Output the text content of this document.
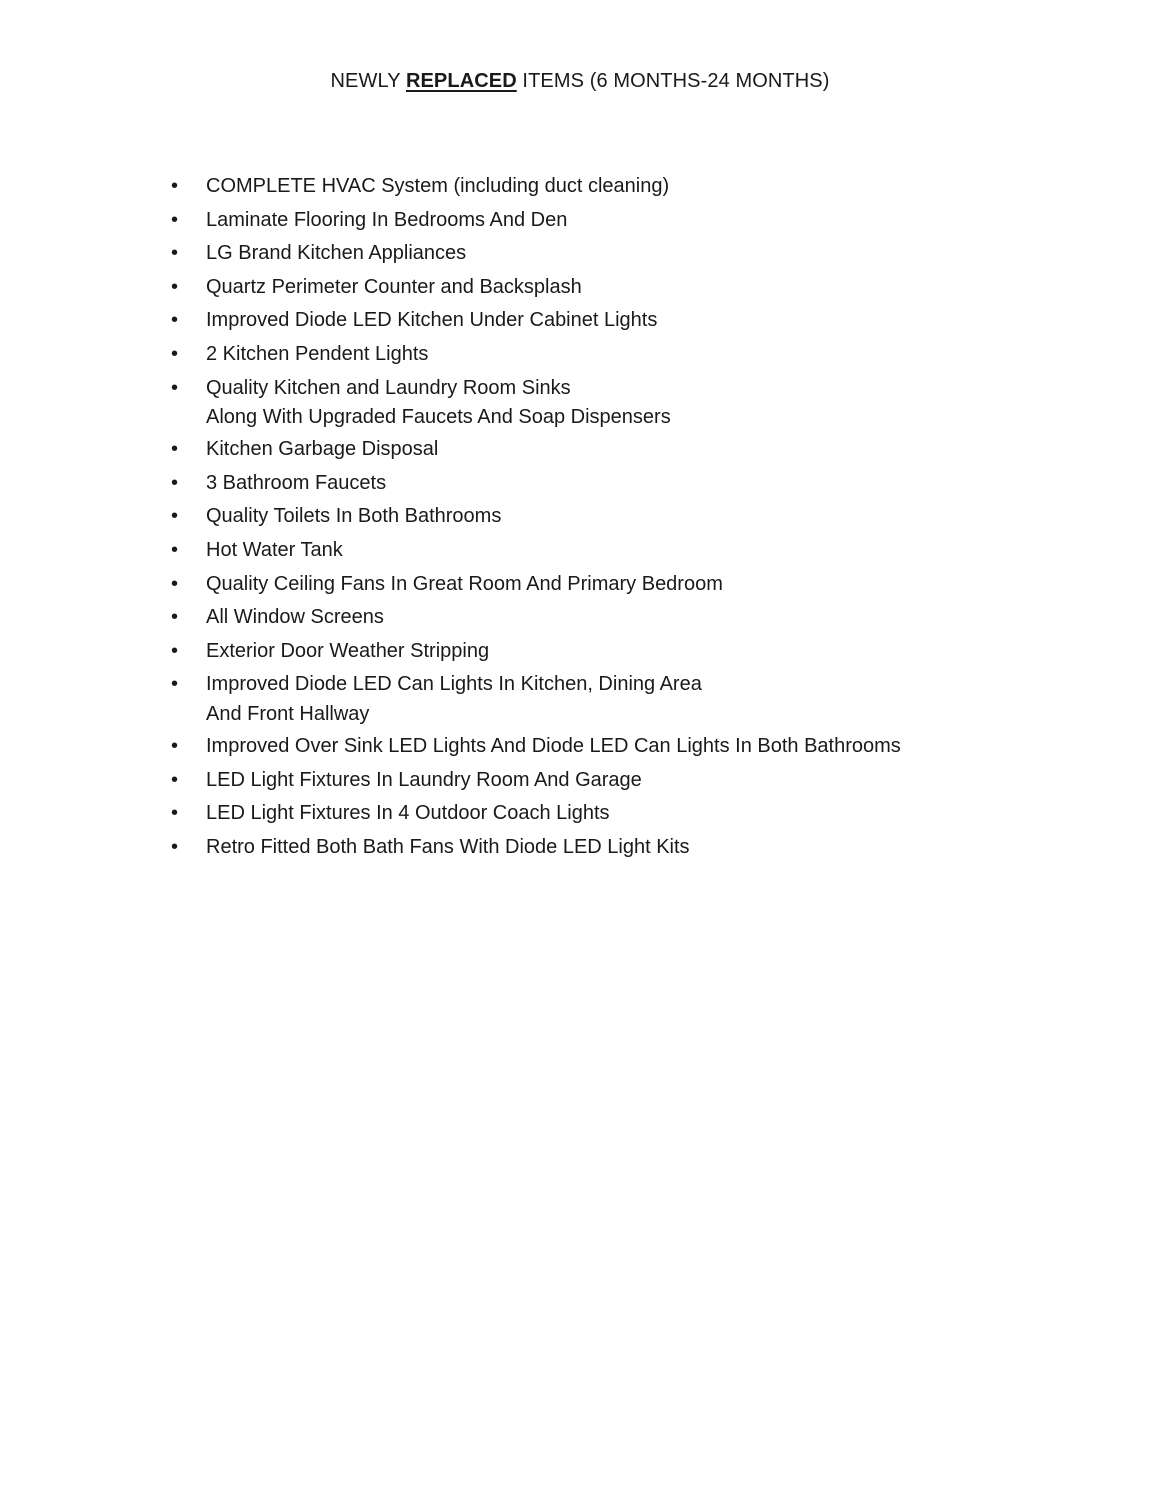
NEWLY REPLACED ITEMS (6 MONTHS-24 MONTHS)
• COMPLETE HVAC System (including duct cleaning)
• Laminate Flooring In Bedrooms And Den
• LG Brand Kitchen Appliances
• Quartz Perimeter Counter and Backsplash
• Improved Diode LED Kitchen Under Cabinet Lights
• 2 Kitchen Pendent Lights
• Quality Kitchen and Laundry Room Sinks
Along With Upgraded Faucets And Soap Dispensers
• Kitchen Garbage Disposal
• 3 Bathroom Faucets
• Quality Toilets In Both Bathrooms
• Hot Water Tank
• Quality Ceiling Fans In Great Room And Primary Bedroom
• All Window Screens
• Exterior Door Weather Stripping
• Improved Diode LED Can Lights In Kitchen, Dining Area
And Front Hallway
• Improved Over Sink LED Lights And Diode LED Can Lights In Both Bathrooms
• LED Light Fixtures In Laundry Room And Garage
• LED Light Fixtures In 4 Outdoor Coach Lights
• Retro Fitted Both Bath Fans With Diode LED Light Kits
